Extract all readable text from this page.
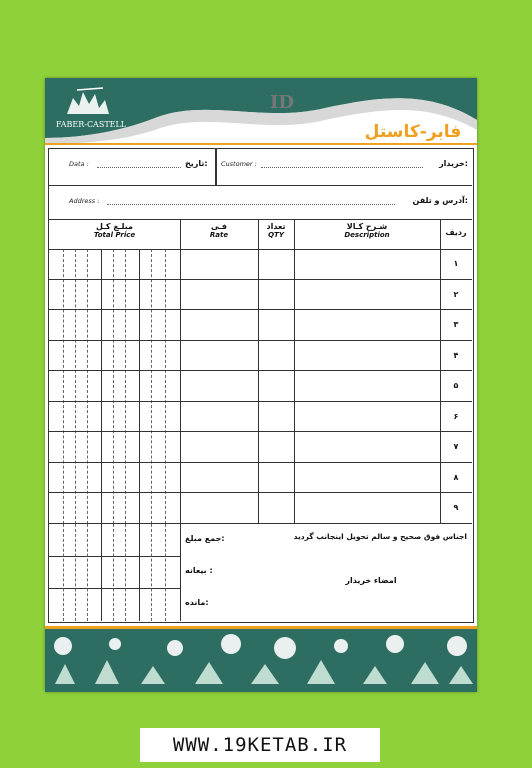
FABER-CASTELL
ID
فابر-کاستل
خریدار:
Customer :
تاریخ:
Data :
آدرس و تلفن:
Address :
مبلـغ کـل
Total Price
فـی
Rate
تعداد
QTY
شـرح کـالا
Description	ردیف
۱
۲
۳
۴
۵
۶
۷
۸
۹
جمع مبلغ:
بیعانه :
مانده:
اجناس فوق صحیح و سالم تحویل اینجانب گردید
امضاء خریدار
WWW.19KETAB.IR
